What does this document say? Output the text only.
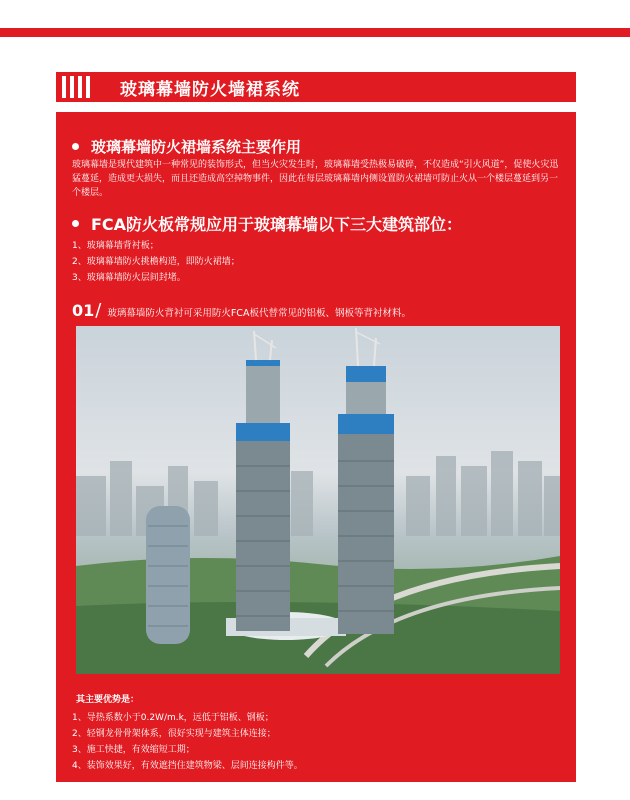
玻璃幕墙防火墙裙系统
玻璃幕墙防火裙墙系统主要作用

玻璃幕墙是现代建筑中一种常见的装饰形式，但当火灾发生时，玻璃幕墙受热极易破碎，不仅造成“引火风道”，促使火灾迅猛蔓延，造成更大损失，而且还造成高空掉物事件，因此在每层玻璃幕墙内侧设置防火裙墙可防止火从一个楼层蔓延到另一个楼层。

FCA防火板常规应用于玻璃幕墙以下三大建筑部位：
1、玻璃幕墙背衬板；
2、玻璃幕墙防火挑檐构造，即防火裙墙；
3、玻璃幕墙防火层间封堵。
01 / 玻璃幕墙防火背衬可采用防火FCA板代替常见的铝板、钢板等背衬材料。
其主要优势是：
1、导热系数小于0.2W/m.k，远低于铝板、钢板；
2、轻钢龙骨骨架体系，很好实现与建筑主体连接；
3、施工快捷，有效缩短工期；
4、装饰效果好，有效遮挡住建筑物梁、层间连接构件等。
